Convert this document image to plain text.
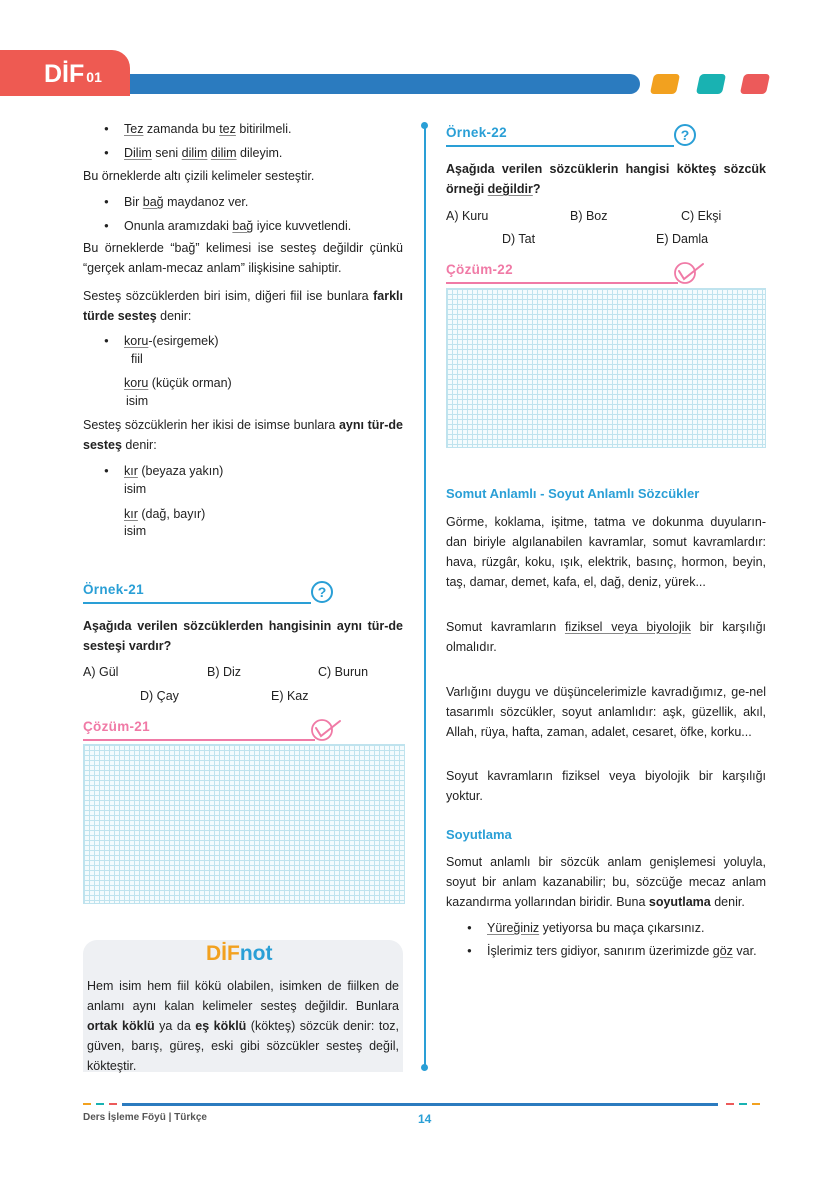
DİF 01
● Tez zamanda bu tez bitirilmeli.
● Dilim seni dilim dilim dileyim.

Bu örneklerde altı çizili kelimeler sesteştir.

● Bir bağ maydanoz ver.
● Onunla aramızdaki bağ iyice kuvvetlendi.

Bu örneklerde “bağ” kelimesi ise sesteş değildir çünkü “gerçek anlam-mecaz anlam” ilişkisine sahiptir.

Sesteş sözcüklerden biri isim, diğeri fiil ise bunlara farklı türde sesteş denir:

● koru-(esirgemek)
fiil
koru (küçük orman)
isim

Sesteş sözcüklerin her ikisi de isimse bunlara aynı tür-de sesteş denir:

● kır (beyaza yakın)
isim
kır (dağ, bayır)
isim
Örnek-21	?

Aşağıda verilen sözcüklerden hangisinin aynı tür-de sesteşi vardır?

A) Gül	B) Diz	C) Burun
D) Çay	E) Kaz
Çözüm-21
DİFnot

Hem isim hem fiil kökü olabilen, isimken de fiilken de anlamı aynı kalan kelimeler sesteş değildir. Bunlara ortak köklü ya da eş köklü (kökteş) sözcük denir: toz, güven, barış, güreş, eski gibi sözcükler sesteş değil, kökteştir.

Örnek-22	?

Aşağıda verilen sözcüklerin hangisi kökteş sözcük örneği değildir?

A) Kuru	B) Boz	C) Ekşi
D) Tat	E) Damla
Çözüm-22
Somut Anlamlı - Soyut Anlamlı Sözcükler

Görme, koklama, işitme, tatma ve dokunma duyuların-dan biriyle algılanabilen kavramlar, somut kavramlardır: hava, rüzgâr, koku, ışık, elektrik, basınç, hormon, beyin, taş, damar, demet, kafa, el, dağ, deniz, yürek...

Somut kavramların fiziksel veya biyolojik bir karşılığı olmalıdır.

Varlığını duygu ve düşüncelerimizle kavradığımız, ge-nel tasarımlı sözcükler, soyut anlamlıdır: aşk, güzellik, akıl, Allah, rüya, hafta, zaman, adalet, cesaret, öfke, korku...

Soyut kavramların fiziksel veya biyolojik bir karşılığı yoktur.

Soyutlama

Somut anlamlı bir sözcük anlam genişlemesi yoluyla, soyut bir anlam kazanabilir; bu, sözcüğe mecaz anlam kazandırma yollarından biridir. Buna soyutlama denir.

● Yüreğiniz yetiyorsa bu maça çıkarsınız.
● İşlerimiz ters gidiyor, sanırım üzerimizde göz var.
Ders İşleme Föyü | Türkçe	14
